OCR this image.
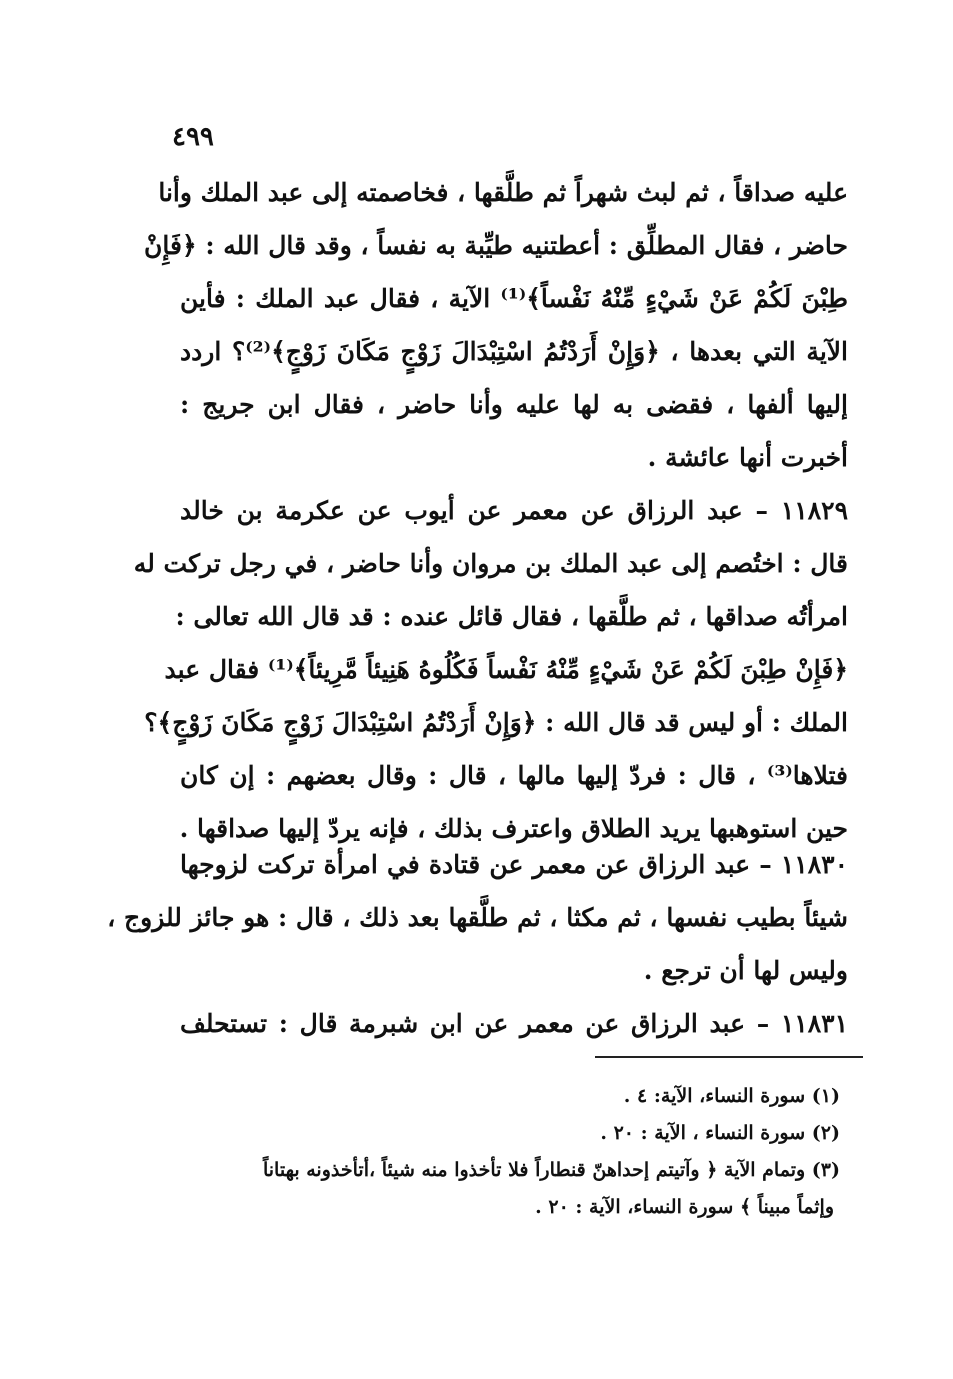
٤٩٩
عليه صداقاً ، ثم لبث شهراً ثم طلَّقها ، فخاصمته إلى عبد الملك وأنا
حاضر ، فقال المطلِّق : أعطتنيه طيِّبة به نفساً ، وقد قال الله : ﴿فَإِنْ
طِبْنَ لَكُمْ عَنْ شَيْءٍ مِّنْهُ نَفْساً﴾⁽¹⁾ الآية ، فقال عبد الملك : فأين
الآية التي بعدها ، ﴿وَإِنْ أَرَدْتُمُ اسْتِبْدَالَ زَوْجٍ مَكَانَ زَوْجٍ﴾⁽²⁾؟ اردد
إليها ألفها ، فقضى به لها عليه وأنا حاضر ، فقال ابن جريج :
أخبرت أنها عائشة .
١١٨٢٩ – عبد الرزاق عن معمر عن أيوب عن عكرمة بن خالد
قال : اختُصم إلى عبد الملك بن مروان وأنا حاضر ، في رجل تركت له
امرأتُه صداقها ، ثم طلَّقها ، فقال قائل عنده : قد قال الله تعالى :
﴿فَإِنْ طِبْنَ لَكُمْ عَنْ شَيْءٍ مِّنْهُ نَفْساً فَكُلُوهُ هَنِيئاً مَّرِيئاً﴾⁽¹⁾ فقال عبد
الملك : أو ليس قد قال الله : ﴿وَإِنْ أَرَدْتُمُ اسْتِبْدَالَ زَوْجٍ مَكَانَ زَوْجٍ﴾؟
فتلاها⁽³⁾ ، قال : فردّ إليها مالها ، قال : وقال بعضهم : إن كان
حين استوهبها يريد الطلاق واعترف بذلك ، فإنه يردّ إليها صداقها .
١١٨٣٠ – عبد الرزاق عن معمر عن قتادة في امرأة تركت لزوجها
شيئاً بطيب نفسها ، ثم مكثا ، ثم طلَّقها بعد ذلك ، قال : هو جائز للزوج ،
وليس لها أن ترجع .
١١٨٣١ – عبد الرزاق عن معمر عن ابن شبرمة قال : تستحلف
(١) سورة النساء، الآية: ٤ .
(٢) سورة النساء ، الآية : ٢٠ .
(٣) وتمام الآية ﴿ وآتيتم إحداهنّ قنطاراً فلا تأخذوا منه شيئاً ،أتأخذونه بهتاناً
وإثماً مبيناً ﴾ سورة النساء، الآية : ٢٠ .
